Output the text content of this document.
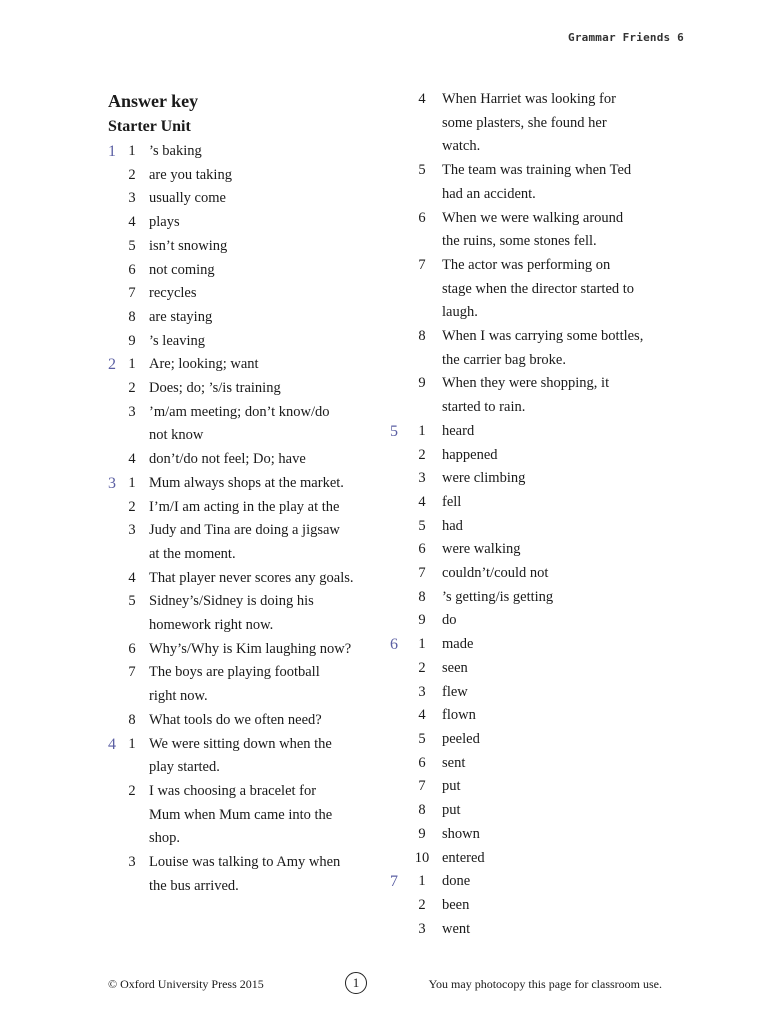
Grammar Friends 6
Answer key
Starter Unit
1 1 ’s baking
2 are you taking
3 usually come
4 plays
5 isn’t snowing
6 not coming
7 recycles
8 are staying
9 ’s leaving
2 1 Are; looking; want
2 Does; do; ’s/is training
3 ’m/am meeting; don’t know/do
not know
4 don’t/do not feel; Do; have
3 1 Mum always shops at the market.
2 I’m/I am acting in the play at the
3 Judy and Tina are doing a jigsaw
at the moment.
4 That player never scores any goals.
5 Sidney’s/Sidney is doing his
homework right now.
6 Why’s/Why is Kim laughing now?
7 The boys are playing football
right now.
8 What tools do we often need?
4 1 We were sitting down when the
play started.
2 I was choosing a bracelet for
Mum when Mum came into the
shop.
3 Louise was talking to Amy when
the bus arrived.
4	When Harriet was looking for
some plasters, she found her
watch.
5	The team was training when Ted
had an accident.
6	When we were walking around
the ruins, some stones fell.
7	The actor was performing on
stage when the director started to
laugh.
8	When I was carrying some bottles,
the carrier bag broke.
9	When they were shopping, it
started to rain.
5	1	heard
2	happened
3	were climbing
4	fell
5	had
6	were walking
7	couldn’t/could not
8	’s getting/is getting
9	do
6	1	made
2	seen
3	flew
4	flown
5	peeled
6	sent
7	put
8	put
9	shown
10 entered
7	1	done
2	been
3	went
© Oxford University Press 2015	1	You may photocopy this page for classroom use.
